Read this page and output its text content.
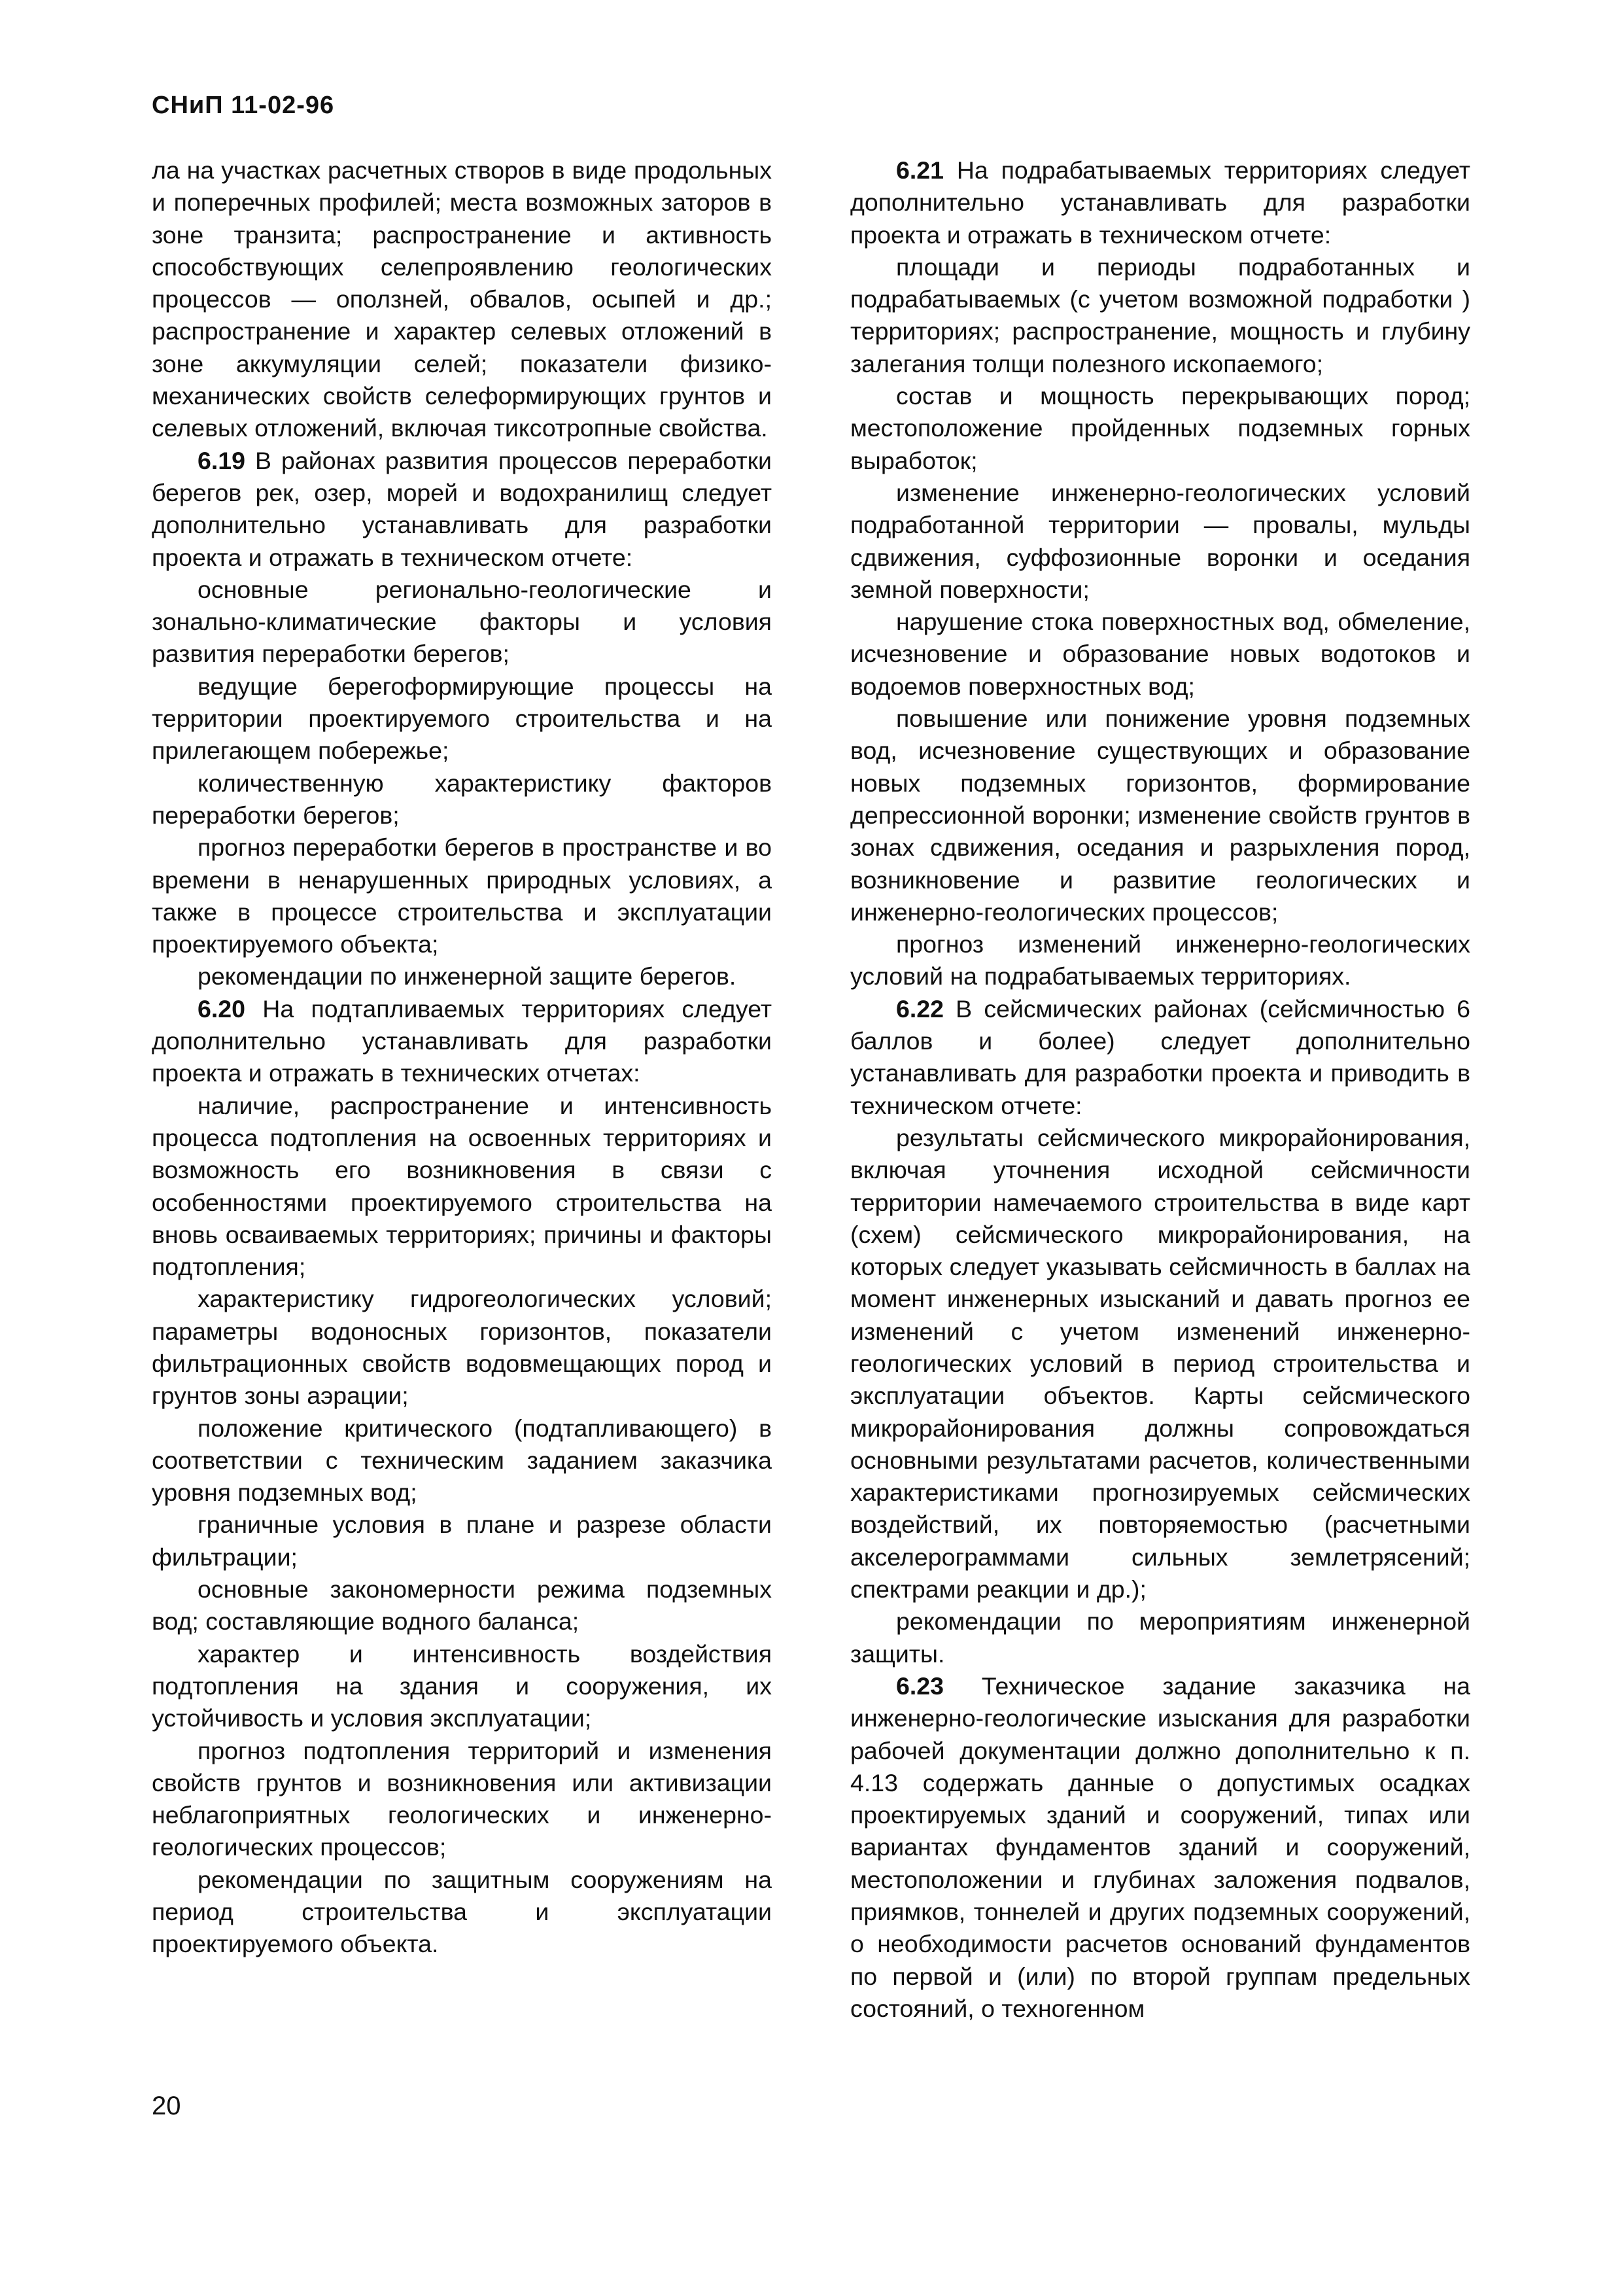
СНиП 11-02-96

ла на участках расчетных створов в виде продольных и поперечных профилей; места возможных заторов в зоне транзита; распространение и активность способствующих селепроявлению геологических процессов — оползней, обвалов, осыпей и др.; распространение и характер селевых отложений в зоне аккумуляции селей; показатели физико-механических свойств селеформирующих грунтов и селевых отложений, включая тиксотропные свойства.

6.19 В районах развития процессов переработки берегов рек, озер, морей и водохранилищ следует дополнительно устанавливать для разработки проекта и отражать в техническом отчете:

основные регионально-геологические и зонально-климатические факторы и условия развития переработки берегов;

ведущие берегоформирующие процессы на территории проектируемого строительства и на прилегающем побережье;

количественную характеристику факторов переработки берегов;

прогноз переработки берегов в пространстве и во времени в ненарушенных природных условиях, а также в процессе строительства и эксплуатации проектируемого объекта;

рекомендации по инженерной защите берегов.

6.20 На подтапливаемых территориях следует дополнительно устанавливать для разработки проекта и отражать в технических отчетах:

наличие, распространение и интенсивность процесса подтопления на освоенных территориях и возможность его возникновения в связи с особенностями проектируемого строительства на вновь осваиваемых территориях; причины и факторы подтопления;

характеристику гидрогеологических условий; параметры водоносных горизонтов, показатели фильтрационных свойств водовмещающих пород и грунтов зоны аэрации;

положение критического (подтапливающего) в соответствии с техническим заданием заказчика уровня подземных вод;

граничные условия в плане и разрезе области фильтрации;

основные закономерности режима подземных вод; составляющие водного баланса;

характер и интенсивность воздействия подтопления на здания и сооружения, их устойчивость и условия эксплуатации;

прогноз подтопления территорий и изменения свойств грунтов и возникновения или активизации неблагоприятных геологических и инженерно-геологических процессов;

рекомендации по защитным сооружениям на период строительства и эксплуатации проектируемого объекта.

6.21 На подрабатываемых территориях следует дополнительно устанавливать для разработки проекта и отражать в техническом отчете:

площади и периоды подработанных и подрабатываемых (с учетом возможной подработки ) территориях; распространение, мощность и глубину залегания толщи полезного ископаемого;

состав и мощность перекрывающих пород; местоположение пройденных подземных горных выработок;

изменение инженерно-геологических условий подработанной территории — провалы, мульды сдвижения, суффозионные воронки и оседания земной поверхности;

нарушение стока поверхностных вод, обмеление, исчезновение и образование новых водотоков и водоемов поверхностных вод;

повышение или понижение уровня подземных вод, исчезновение существующих и образование новых подземных горизонтов, формирование депрессионной воронки; изменение свойств грунтов в зонах сдвижения, оседания и разрыхления пород, возникновение и развитие геологических и инженерно-геологических процессов;

прогноз изменений инженерно-геологических условий на подрабатываемых территориях.

6.22 В сейсмических районах (сейсмичностью 6 баллов и более) следует дополнительно устанавливать для разработки проекта и приводить в техническом отчете:

результаты сейсмического микрорайонирования, включая уточнения исходной сейсмичности территории намечаемого строительства в виде карт (схем) сейсмического микрорайонирования, на которых следует указывать сейсмичность в баллах на момент инженерных изысканий и давать прогноз ее изменений с учетом изменений инженерно-геологических условий в период строительства и эксплуатации объектов. Карты сейсмического микрорайонирования должны сопровождаться основными результатами расчетов, количественными характеристиками прогнозируемых сейсмических воздействий, их повторяемостью (расчетными акселерограммами сильных землетрясений; спектрами реакции и др.);

рекомендации по мероприятиям инженерной защиты.

6.23 Техническое задание заказчика на инженерно-геологические изыскания для разработки рабочей документации должно дополнительно к п. 4.13 содержать данные о допустимых осадках проектируемых зданий и сооружений, типах или вариантах фундаментов зданий и сооружений, местоположении и глубинах заложения подвалов, приямков, тоннелей и других подземных сооружений, о необходимости расчетов оснований фундаментов по первой и (или) по второй группам предельных состояний, о техногенном

20
